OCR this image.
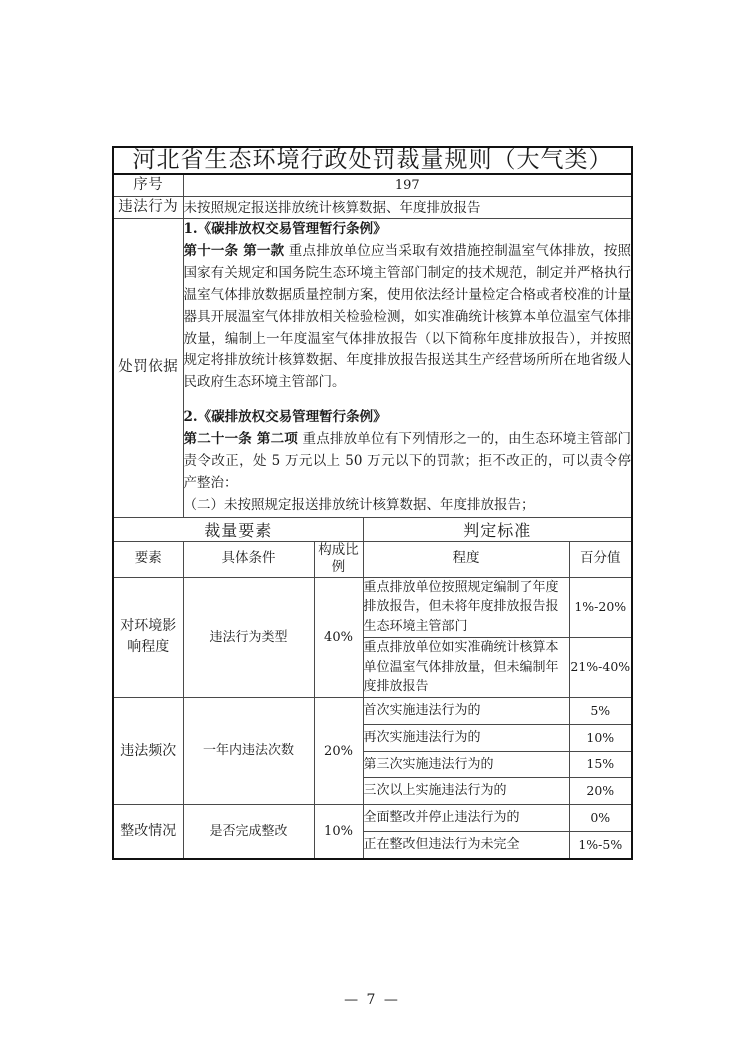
河北省生态环境行政处罚裁量规则（大气类）				
序号	197			
违法行为	未按照规定报送排放统计核算数据、年度排放报告			
处罚依据	1.《碳排放权交易管理暂行条例》

第十一条 第一款 重点排放单位应当采取有效措施控制温室气体排放，按照国家有关规定和国务院生态环境主管部门制定的技术规范，制定并严格执行温室气体排放数据质量控制方案，使用依法经计量检定合格或者校准的计量器具开展温室气体排放相关检验检测，如实准确统计核算本单位温室气体排放量，编制上一年度温室气体排放报告（以下简称年度排放报告），并按照规定将排放统计核算数据、年度排放报告报送其生产经营场所所在地省级人民政府生态环境主管部门。

2.《碳排放权交易管理暂行条例》

第二十一条 第二项 重点排放单位有下列情形之一的，由生态环境主管部门责令改正，处 5 万元以上 50 万元以下的罚款；拒不改正的，可以责令停产整治：

（二）未按照规定报送排放统计核算数据、年度排放报告；			

裁量要素			判定标准	
要素	具体条件	构成比例	程度	百分值
对环境影响程度	违法行为类型	40%	重点排放单位按照规定编制了年度排放报告，但未将年度排放报告报生态环境主管部门	1%-20%
			重点排放单位如实准确统计核算本单位温室气体排放量，但未编制年度排放报告	21%-40%
违法频次	一年内违法次数	20%	首次实施违法行为的	5%
			再次实施违法行为的	10%
			第三次实施违法行为的	15%
			三次以上实施违法行为的	20%
整改情况	是否完成整改	10%	全面整改并停止违法行为的	0%
			正在整改但违法行为未完全	1%-5%
— 7 —
